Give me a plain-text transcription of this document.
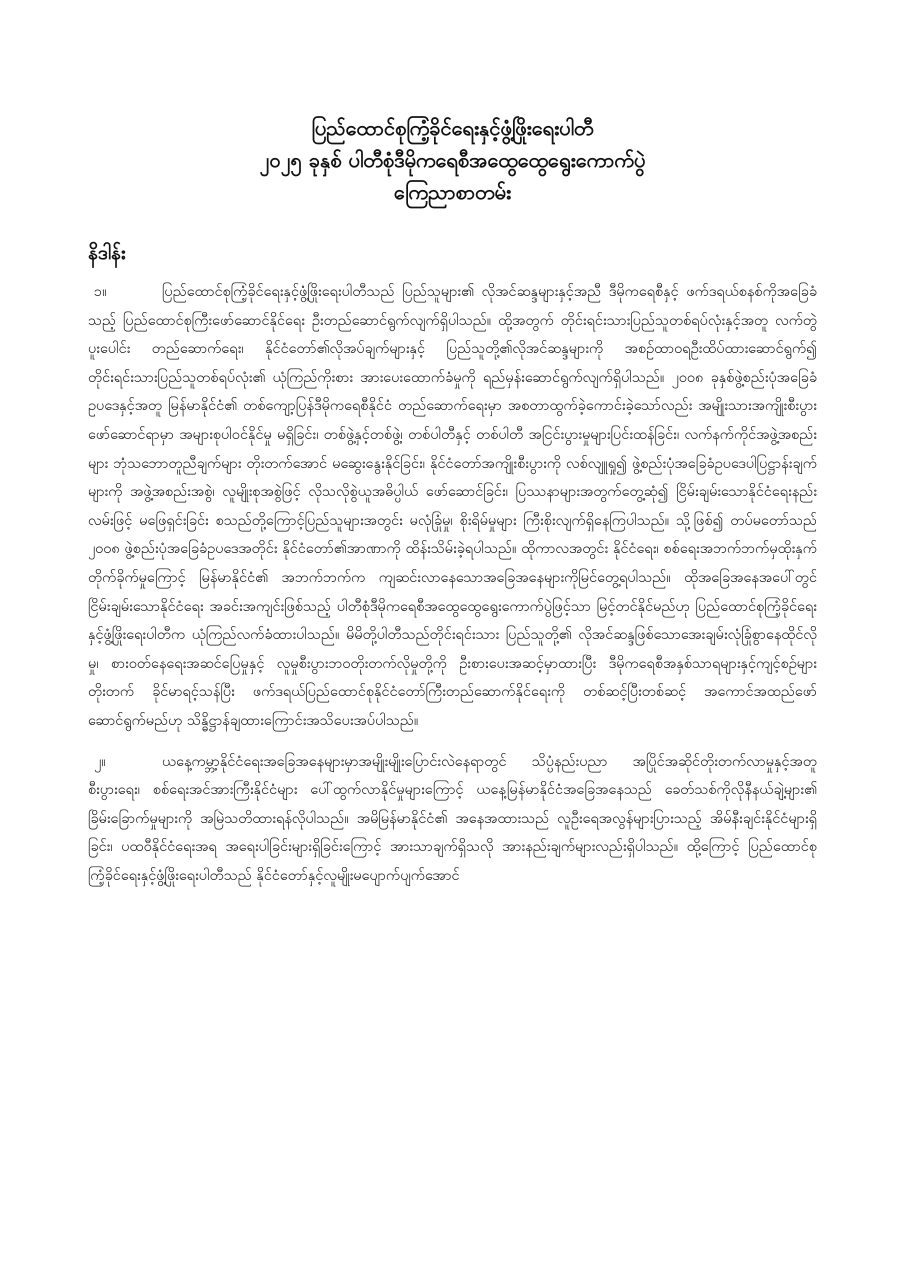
ပြည်ထောင်စုကြံ့ခိုင်ရေးနှင့်ဖွံ့ဖြိုးရေးပါတီ
၂၀၂၅ ခုနှစ် ပါတီစုံဒီမိုကရေစီအထွေထွေရွေးကောက်ပွဲ
ကြေညာစာတမ်း
နိဒါန်း

၁။	ပြည်ထောင်စုကြံ့ခိုင်ရေးနှင့်ဖွံ့ဖြိုးရေးပါတီသည် ပြည်သူများ၏ လိုအင်ဆန္ဒများနှင့်အညီ ဒီမိုကရေစီနှင့် ဖက်ဒရယ်စနစ်ကိုအခြေခံသည့် ပြည်ထောင်စုကြီးဖော်ဆောင်နိုင်ရေး ဦးတည်ဆောင်ရွက်လျက်ရှိပါသည်။ ထို့အတွက် တိုင်းရင်းသားပြည်သူတစ်ရပ်လုံးနှင့်အတူ လက်တွဲပူးပေါင်း တည်ဆောက်ရေး၊ နိုင်ငံတော်၏လိုအပ်ချက်များနှင့် ပြည်သူတို့၏လိုအင်ဆန္ဒများကို အစဉ်ထာဝရဦးထိပ်ထားဆောင်ရွက်၍ တိုင်းရင်းသားပြည်သူတစ်ရပ်လုံး၏ ယုံကြည်ကိုးစား အားပေးထောက်ခံမှုကို ရည်မှန်းဆောင်ရွက်လျက်ရှိပါသည်။ ၂၀၀၈ ခုနှစ်ဖွဲ့စည်းပုံအခြေခံဥပဒေနှင့်အတူ မြန်မာနိုင်ငံ၏ တစ်ကျော့ပြန်ဒီမိုကရေစီနိုင်ငံ တည်ဆောက်ရေးမှာ အစတာထွက်ခဲ့ကောင်းခဲ့သော်လည်း အမျိုးသားအကျိုးစီးပွားဖော်ဆောင်ရာမှာ အများစုပါဝင်နိုင်မှု မရှိခြင်း၊ တစ်ဖွဲ့နှင့်တစ်ဖွဲ့၊ တစ်ပါတီနှင့် တစ်ပါတီ အငြင်းပွားမှုများပြင်းထန်ခြင်း၊ လက်နက်ကိုင်အဖွဲ့အစည်းများ ဘုံသဘောတူညီချက်များ တိုးတက်အောင် မဆွေးနွေးနိုင်ခြင်း၊ နိုင်ငံတော်အကျိုးစီးပွားကို လစ်လျူရှု၍ ဖွဲ့စည်းပုံအခြေခံဥပဒေပါပြဋ္ဌာန်းချက်များကို အဖွဲ့အစည်းအစွဲ၊ လူမျိုးစုအစွဲဖြင့် လိုသလိုစွဲယူအဓိပ္ပါယ် ဖော်ဆောင်ခြင်း၊ ပြဿနာများအတွက်တွေ့ဆုံ၍ ငြိမ်းချမ်းသောနိုင်ငံရေးနည်းလမ်းဖြင့် မဖြေရှင်းခြင်း စသည်တို့ကြောင့်ပြည်သူများအတွင်း မလုံခြုံမှု၊ စိုးရိမ်မှုများ ကြီးစိုးလျက်ရှိနေကြပါသည်။ သို့ဖြစ်၍ တပ်မတော်သည် ၂၀၀၈ ဖွဲ့စည်းပုံအခြေခံဥပဒေအတိုင်း နိုင်ငံတော်၏အာဏာကို ထိန်းသိမ်းခဲ့ရပါသည်။ ထိုကာလအတွင်း နိုင်ငံရေး၊ စစ်ရေးအဘက်ဘက်မှထိုးနှက်တိုက်ခိုက်မှုကြောင့် မြန်မာနိုင်ငံ၏ အဘက်ဘက်က ကျဆင်းလာနေသောအခြေအနေများကိုမြင်တွေ့ရပါသည်။ ထိုအခြေအနေအပေါ်တွင် ငြိမ်းချမ်းသောနိုင်ငံရေး အခင်းအကျင်းဖြစ်သည့် ပါတီစုံဒီမိုကရေစီအထွေထွေရွေးကောက်ပွဲဖြင့်သာ မြင့်တင်နိုင်မည်ဟု ပြည်ထောင်စုကြံ့ခိုင်ရေးနှင့်ဖွံ့ဖြိုးရေးပါတီက ယုံကြည်လက်ခံထားပါသည်။ မိမိတို့ပါတီသည်တိုင်းရင်းသား ပြည်သူတို့၏ လိုအင်ဆန္ဒဖြစ်သောအေးချမ်းလုံခြုံစွာနေထိုင်လိုမှု၊ စားဝတ်နေရေးအဆင်ပြေမှုနှင့် လူမှုစီးပွားဘဝတိုးတက်လိုမှုတို့ကို ဦးစားပေးအဆင့်မှာထားပြီး ဒီမိုကရေစီအနှစ်သာရများနှင့်ကျင့်စဉ်များ တိုးတက် ခိုင်မာရင့်သန်ပြီး ဖက်ဒရယ်ပြည်ထောင်စုနိုင်ငံတော်ကြီးတည်ဆောက်နိုင်ရေးကို တစ်ဆင့်ပြီးတစ်ဆင့် အကောင်အထည်ဖော်ဆောင်ရွက်မည်ဟု သိန္ဓိဋ္ဌာန်ချထားကြောင်းအသိပေးအပ်ပါသည်။

၂။	ယနေ့ကမ္ဘာ့နိုင်ငံရေးအခြေအနေများမှာအမျိုးမျိုးပြောင်းလဲနေရာတွင် သိပ္ပံနည်းပညာ အပြိုင်အဆိုင်တိုးတက်လာမှုနှင့်အတူ စီးပွားရေး၊ စစ်ရေးအင်အားကြီးနိုင်ငံများ ပေါ်ထွက်လာနိုင်မှုများကြောင့် ယနေ့မြန်မာနိုင်ငံအခြေအနေသည် ခေတ်သစ်ကိုလိုနီနယ်ချဲ့များ၏ ခြိမ်းခြောက်မှုများကို အမြဲသတိထားရန်လိုပါသည်။ အမိမြန်မာနိုင်ငံ၏ အနေအထားသည် လူဦးရေအလွန်များပြားသည့် အိမ်နီးချင်းနိုင်ငံများရှိခြင်း၊ ပထဝီနိုင်ငံရေးအရ အရေးပါခြင်းများရှိခြင်းကြောင့် အားသာချက်ရှိသလို အားနည်းချက်များလည်းရှိပါသည်။ ထို့ကြောင့် ပြည်ထောင်စုကြံ့ခိုင်ရေးနှင့်ဖွံ့ဖြိုးရေးပါတီသည် နိုင်ငံတော်နှင့်လူမျိုးမပျောက်ပျက်အောင်
